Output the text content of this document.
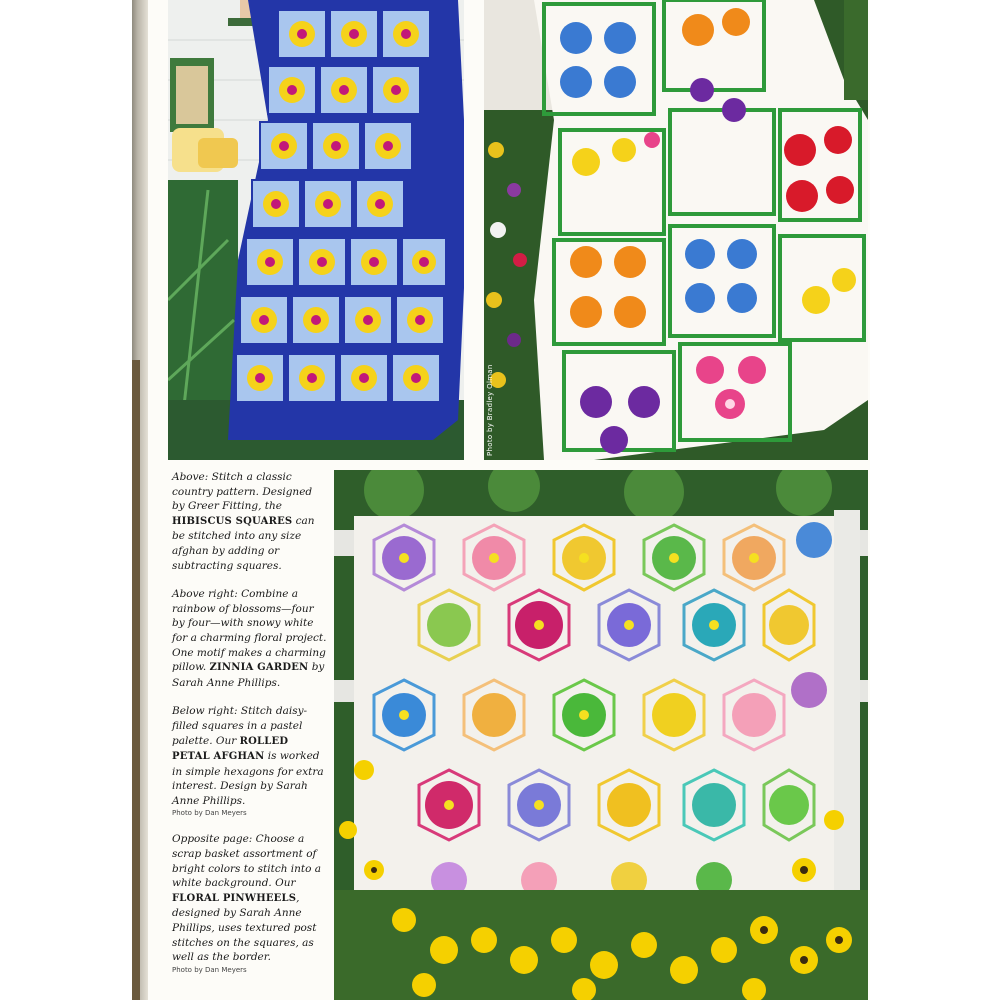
Photo by Bradley Olman

Above: Stitch a classic country pattern. Designed by Greer Fitting, the HIBISCUS SQUARES can be stitched into any size afghan by adding or subtracting squares.

Above right: Combine a rainbow of blossoms—four by four—with snowy white for a charming floral project. One motif makes a charming pillow. ZINNIA GARDEN by Sarah Anne Phillips.

Below right: Stitch daisy-filled squares in a pastel palette. Our ROLLED PETAL AFGHAN is worked in simple hexagons for extra interest. Design by Sarah Anne Phillips.
Photo by Dan Meyers

Opposite page: Choose a scrap basket assortment of bright colors to stitch into a white background. Our FLORAL PINWHEELS, designed by Sarah Anne Phillips, uses textured post stitches on the squares, as well as the border.
Photo by Dan Meyers
